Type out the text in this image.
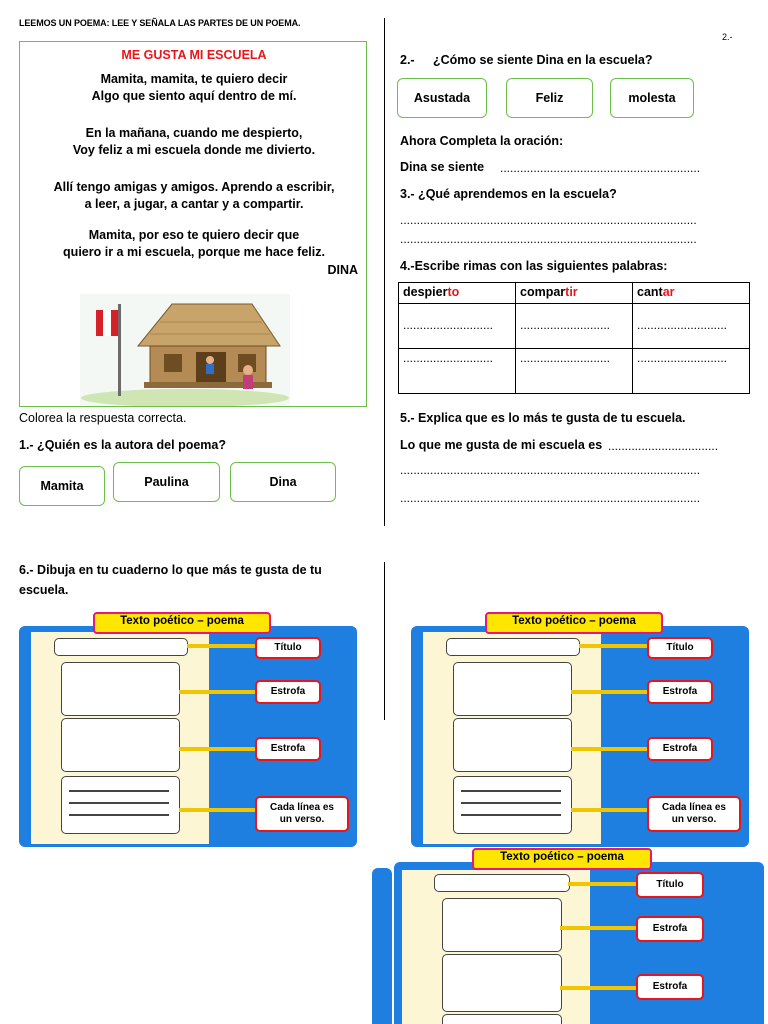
LEEMOS UN POEMA: LEE Y SEÑALA LAS PARTES DE UN POEMA.
2.-
ME GUSTA MI ESCUELA
Mamita, mamita, te quiero decir
Algo que siento aquí dentro de mí.
En la mañana, cuando me despierto,
Voy feliz a mi escuela donde me divierto.
Allí tengo amigas y amigos. Aprendo a escribir,
a leer, a jugar, a cantar y a compartir.
Mamita, por eso te quiero decir que
quiero ir a mi escuela, porque me hace feliz.
DINA
Colorea la respuesta correcta.
1.- ¿Quién es la autora del poema?
Mamita	Paulina	Dina
2.- ¿Cómo se siente Dina en la escuela?
Asustada	Feliz	molesta
Ahora Completa la oración:
Dina se siente ............................................................
3.- ¿Qué aprendemos en la escuela?
.........................................................................................
.........................................................................................
4.-Escribe rimas con las siguientes palabras:
despierto	compartir	cantar

...........................	...........................	...........................

...........................	...........................	...........................
5.- Explica que es lo más te gusta de tu escuela.
Lo que me gusta de mi escuela es .................................
..........................................................................................
..........................................................................................
6.- Dibuja en tu cuaderno lo que más te gusta de tu
escuela.
Texto poético – poema
Título
Estrofa
Estrofa
Cada línea es
un verso.
Texto poético – poema
Título
Estrofa
Estrofa
Cada línea es
un verso.
Texto poético – poema
Título
Estrofa
Estrofa
